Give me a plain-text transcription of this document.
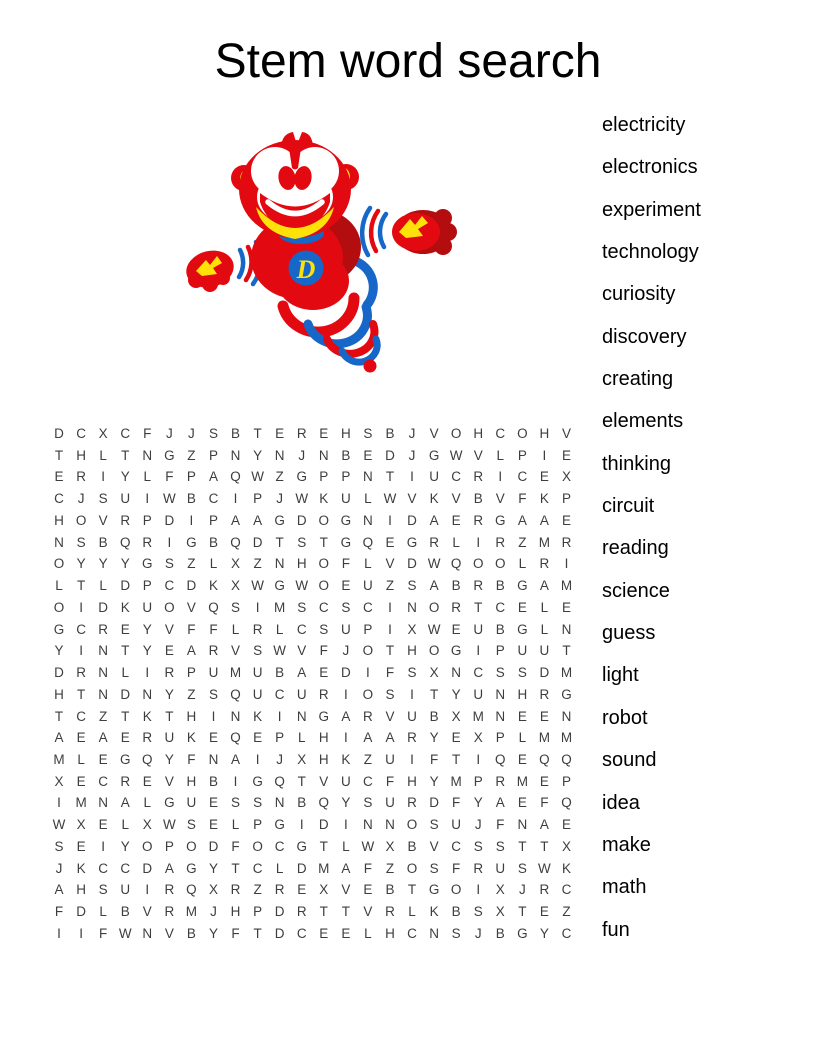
Stem word search
D
D C X C F	J	J	S B T E R E H S B	J	V O H C O H V
T H L	T N G Z P N Y N	J	N B E D	J G W V	L	P	I	E
E R	I	Y	L	F P A Q W Z G P P N T	I	U C R	I	C E X
C	J	S U	I	W B C	I	P	J W K U L W V K V B V F K P
H O V R P D	I	P A A G D O G N	I	D A E R G A A E
N S B Q R	I	G B Q D T S T G Q E G R L	I	R Z M R
O Y Y Y G S Z	L	X Z N H O F	L	V D W Q O O L R	I
L	T	L D P C D K X W G W O E U Z S A B R B G A M
O	I	D K U O V Q S	I	M S C S C	I	N O R T C E	L	E
G C R E Y V F	F	L R L C S U P	I	X W E U B G L N
Y	I	N T Y E A R V S W V F	J O T H O G	I	P U U T
D R N L	I	R P U M U B A E D	I	F S X N C S S D M
H T N D N Y Z S Q U C U R	I	O S	I	T Y U N H R G
T C Z	T K T H	I	N K	I	N G A R V U B X M N E E N
A E A E R U K E Q E P	L H	I	A A R Y E X P	L M M
M L	E G Q Y F N A	I	J	X H K Z U	I	F	T	I	Q E Q Q
X E C R E V H B	I	G Q T V U C F H Y M P R M E P
I	M N A	L G U E S S N B Q Y S U R D F Y A E F Q
W X E	L	X W S E	L	P G	I	D	I	N N O S U	J	F N A E
S E	I	Y O P O D F O C G T	L W X B V C S S T	T X
J	K C C D A G Y T C L D M A F	Z O S F R U S W K
A H S U	I	R Q X R Z R E X V E B T G O	I	X	J	R C
F D L	B V R M J	H P D R T	T V R L	K B S X T E Z
I	I	F W N V B Y F	T D C E E	L H C N S	J	B G Y C
electricity
electronics
experiment
technology
curiosity
discovery
creating
elements
thinking
circuit
reading
science
guess
light
robot
sound
idea
make
math
fun
